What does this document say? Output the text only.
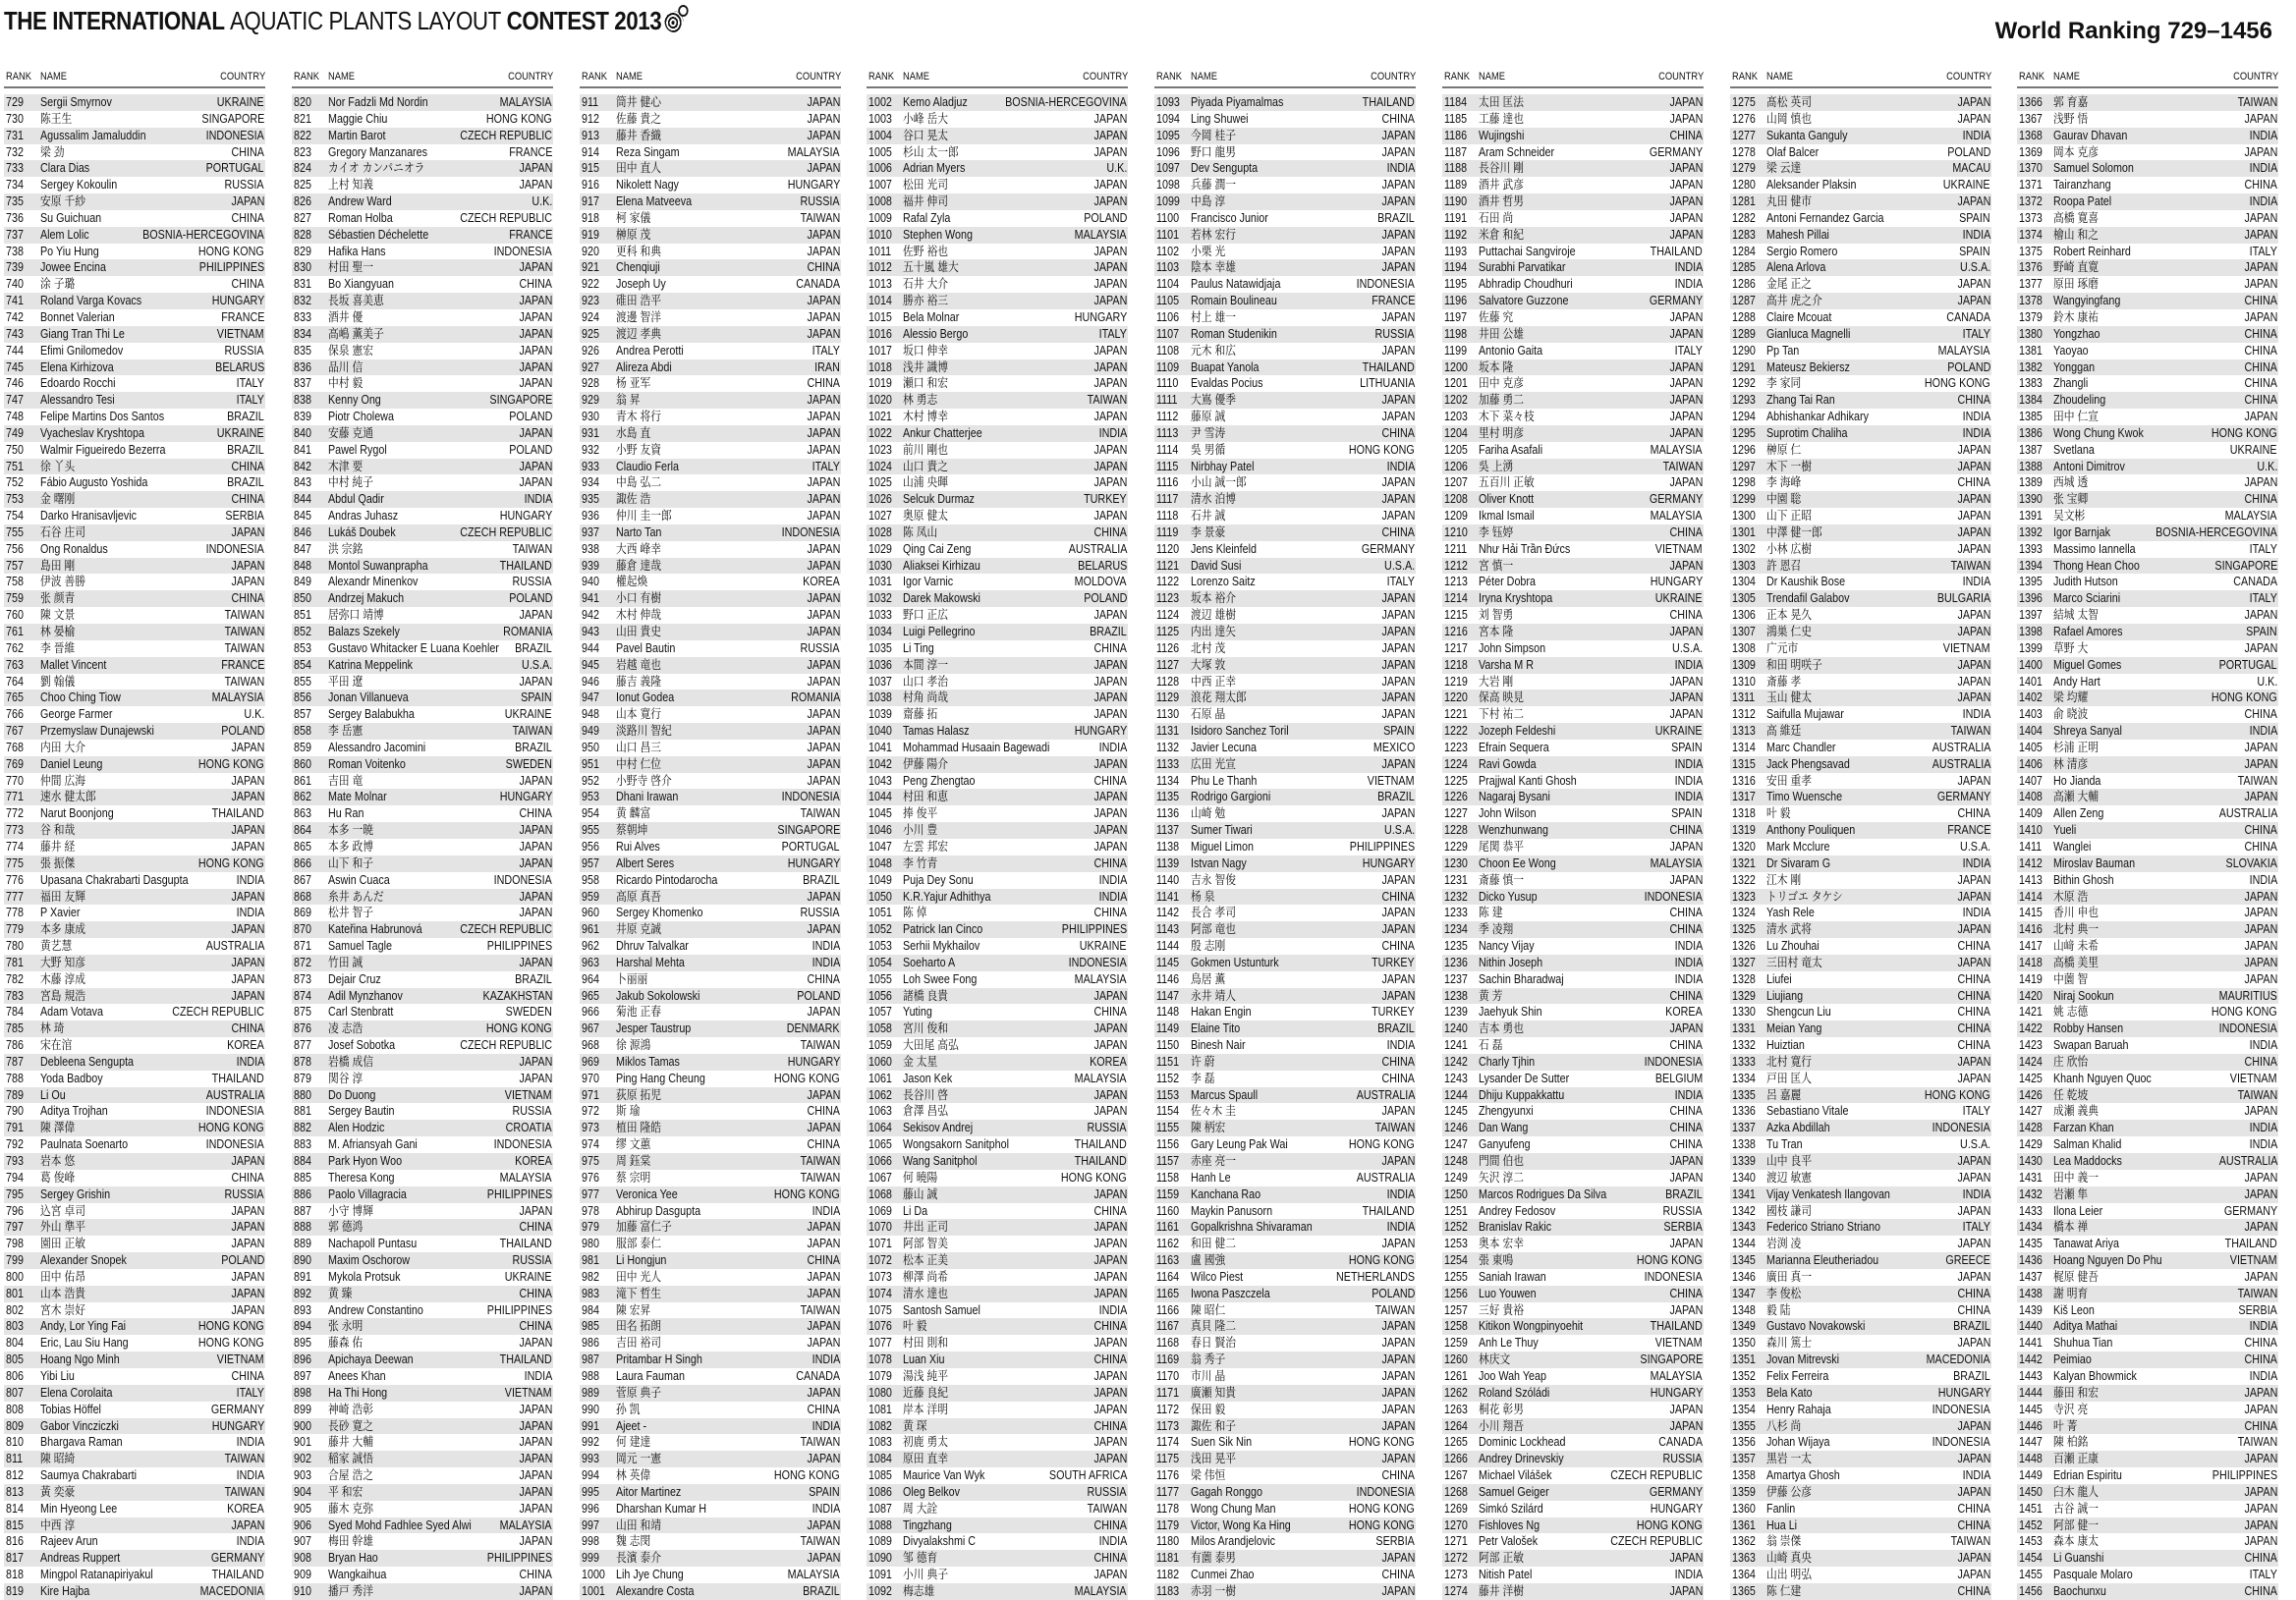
THE INTERNATIONAL AQUATIC PLANTS LAYOUT CONTEST 2013	World Ranking 729–1456
RANK NAME	COUNTRY
729 Sergii Smyrnov	UKRAINE
730 陈王生	SINGAPORE
731 Agussalim Jamaluddin	INDONESIA
732 梁 劲	CHINA
733 Clara Dias	PORTUGAL
734 Sergey Kokoulin	RUSSIA
735 安原 千紗	JAPAN
736 Su Guichuan	CHINA
737 Alem Lolic	BOSNIA-HERCEGOVINA
738 Po Yiu Hung	HONG KONG
739 Jowee Encina	PHILIPPINES
740 涂 子璐	CHINA
741 Roland Varga Kovacs	HUNGARY
742 Bonnet Valerian	FRANCE
743 Giang Tran Thi Le	VIETNAM
744 Efimi Gnilomedov	RUSSIA
745 Elena Kirhizova	BELARUS
746 Edoardo Rocchi	ITALY
747 Alessandro Tesi	ITALY
748 Felipe Martins Dos Santos	BRAZIL
749 Vyacheslav Kryshtopa	UKRAINE
750 Walmir Figueiredo Bezerra	BRAZIL
751 徐 丫头	CHINA
752 Fábio Augusto Yoshida	BRAZIL
753 金 曙刚	CHINA
754 Darko Hranisavljevic	SERBIA
755 石谷 庄司	JAPAN
756 Ong Ronaldus	INDONESIA
757 島田 剛	JAPAN
758 伊波 善勝	JAPAN
759 张 颜青	CHINA
760 陳 文景	TAIWAN
761 林 晏榆	TAIWAN
762 李 晉維	TAIWAN
763 Mallet Vincent	FRANCE
764 劉 翰儀	TAIWAN
765 Choo Ching Tiow	MALAYSIA
766 George Farmer	U.K.
767 Przemyslaw Dunajewski	POLAND
768 内田 大介	JAPAN
769 Daniel Leung	HONG KONG
770 仲間 広海	JAPAN
771 速水 健太郎	JAPAN
772 Narut Boonjong	THAILAND
773 谷 和哉	JAPAN
774 藤井 経	JAPAN
775 張 振傑	HONG KONG
776 Upasana Chakrabarti Dasgupta	INDIA
777 福田 友輝	JAPAN
778 P Xavier	INDIA
779 本多 康成	JAPAN
780 黄艺慧	AUSTRALIA
781 大野 知彦	JAPAN
782 木藤 淳成	JAPAN
783 宮島 規浩	JAPAN
784 Adam Votava	CZECH REPUBLIC
785 林 琦	CHINA
786 宋在涫	KOREA
787 Debleena Sengupta	INDIA
788 Yoda Badboy	THAILAND
789 Li Ou	AUSTRALIA
790 Aditya Trojhan	INDONESIA
791 陳 澤偉	HONG KONG
792 Paulnata Soenarto	INDONESIA
793 岩本 悠	JAPAN
794 葛 俊峰	CHINA
795 Sergey Grishin	RUSSIA
796 込宮 卓司	JAPAN
797 外山 準平	JAPAN
798 園田 正敏	JAPAN
799 Alexander Snopek	POLAND
800 田中 佑昂	JAPAN
801 山本 浩貴	JAPAN
802 宮木 崇好	JAPAN
803 Andy, Lor Ying Fai	HONG KONG
804 Eric, Lau Siu Hang	HONG KONG
805 Hoang Ngo Minh	VIETNAM
806 Yibi Liu	CHINA
807 Elena Corolaita	ITALY
808 Tobias Höffel	GERMANY
809 Gabor Vincziczki	HUNGARY
810 Bhargava Raman	INDIA
811 陳 昭綺	TAIWAN
812 Saumya Chakrabarti	INDIA
813 黃 奕豪	TAIWAN
814 Min Hyeong Lee	KOREA
815 中西 淳	JAPAN
816 Rajeev Arun	INDIA
817 Andreas Ruppert	GERMANY
818 Mingpol Ratanapiriyakul	THAILAND
819 Kire Hajba	MACEDONIA
RANK NAME	COUNTRY
820 Nor Fadzli Md Nordin	MALAYSIA
821 Maggie Chiu	HONG KONG
822 Martin Barot	CZECH REPUBLIC
823 Gregory Manzanares	FRANCE
824 カイオ カンパニオラ	JAPAN
825 上村 知義	JAPAN
826 Andrew Ward	U.K.
827 Roman Holba	CZECH REPUBLIC
828 Sébastien Déchelette	FRANCE
829 Hafika Hans	INDONESIA
830 村田 聖一	JAPAN
831 Bo Xiangyuan	CHINA
832 長坂 喜美恵	JAPAN
833 酒井 優	JAPAN
834 高嶋 薫美子	JAPAN
835 保泉 憲宏	JAPAN
836 品川 信	JAPAN
837 中村 毅	JAPAN
838 Kenny Ong	SINGAPORE
839 Piotr Cholewa	POLAND
840 安藤 克通	JAPAN
841 Pawel Rygol	POLAND
842 木津 要	JAPAN
843 中村 純子	JAPAN
844 Abdul Qadir	INDIA
845 Andras Juhasz	HUNGARY
846 Lukáš Doubek	CZECH REPUBLIC
847 洪 宗銘	TAIWAN
848 Montol Suwanprapha	THAILAND
849 Alexandr Minenkov	RUSSIA
850 Andrzej Makuch	POLAND
851 居弥口 靖博	JAPAN
852 Balazs Szekely	ROMANIA
853 Gustavo Whitacker E Luana Koehler	BRAZIL
854 Katrina Meppelink	U.S.A.
855 平田 遼	JAPAN
856 Jonan Villanueva	SPAIN
857 Sergey Balabukha	UKRAINE
858 李 岳憲	TAIWAN
859 Alessandro Jacomini	BRAZIL
860 Roman Voitenko	SWEDEN
861 吉田 竜	JAPAN
862 Mate Molnar	HUNGARY
863 Hu Ran	CHINA
864 本多 一暁	JAPAN
865 本多 政博	JAPAN
866 山下 和子	JAPAN
867 Aswin Cuaca	INDONESIA
868 糸井 あんだ	JAPAN
869 松井 智子	JAPAN
870 Kateřina Habrunová	CZECH REPUBLIC
871 Samuel Tagle	PHILIPPINES
872 竹田 誠	JAPAN
873 Dejair Cruz	BRAZIL
874 Adil Mynzhanov	KAZAKHSTAN
875 Carl Stenbratt	SWEDEN
876 凌 志浩	HONG KONG
877 Josef Sobotka	CZECH REPUBLIC
878 岩橋 成信	JAPAN
879 関谷 淳	JAPAN
880 Do Duong	VIETNAM
881 Sergey Bautin	RUSSIA
882 Alen Hodzic	CROATIA
883 M. Afriansyah Gani	INDONESIA
884 Park Hyon Woo	KOREA
885 Theresa Kong	MALAYSIA
886 Paolo Villagracia	PHILIPPINES
887 小守 博輝	JAPAN
888 郭 德鸿	CHINA
889 Nachapoll Puntasu	THAILAND
890 Maxim Oschorow	RUSSIA
891 Mykola Protsuk	UKRAINE
892 黄 臻	CHINA
893 Andrew Constantino	PHILIPPINES
894 张 永明	CHINA
895 藤森 佑	JAPAN
896 Apichaya Deewan	THAILAND
897 Anees Khan	INDIA
898 Ha Thi Hong	VIETNAM
899 神崎 浩彰	JAPAN
900 長砂 寛之	JAPAN
901 藤井 大輔	JAPAN
902 稲家 誠悟	JAPAN
903 合屋 浩之	JAPAN
904 平 和宏	JAPAN
905 藤木 克弥	JAPAN
906 Syed Mohd Fadhlee Syed Alwi	MALAYSIA
907 梅田 幹雄	JAPAN
908 Bryan Hao	PHILIPPINES
909 Wangkaihua	CHINA
910 播戸 秀洋	JAPAN
RANK NAME	COUNTRY
911 筒井 健心	JAPAN
912 佐藤 貴之	JAPAN
913 藤井 香織	JAPAN
914 Reza Singam	MALAYSIA
915 田中 直人	JAPAN
916 Nikolett Nagy	HUNGARY
917 Elena Matveeva	RUSSIA
918 柯 家儀	TAIWAN
919 榊原 茂	JAPAN
920 更科 和典	JAPAN
921 Chenqiuji	CHINA
922 Joseph Uy	CANADA
923 碓田 浩平	JAPAN
924 渡邊 智洋	JAPAN
925 渡辺 孝典	JAPAN
926 Andrea Perotti	ITALY
927 Alireza Abdi	IRAN
928 杨 亚军	CHINA
929 翁 昇	JAPAN
930 青木 将行	JAPAN
931 水島 直	JAPAN
932 小野 友資	JAPAN
933 Claudio Ferla	ITALY
934 中島 弘二	JAPAN
935 諏佐 浩	JAPAN
936 仲川 圭一郎	JAPAN
937 Narto Tan	INDONESIA
938 大西 峰幸	JAPAN
939 藤倉 達哉	JAPAN
940 權起煥	KOREA
941 小口 有樹	JAPAN
942 木村 伸哉	JAPAN
943 山田 貴史	JAPAN
944 Pavel Bautin	RUSSIA
945 岩越 竜也	JAPAN
946 藤吉 義隆	JAPAN
947 Ionut Godea	ROMANIA
948 山本 寛行	JAPAN
949 淡路川 智紀	JAPAN
950 山口 昌三	JAPAN
951 中村 仁位	JAPAN
952 小野寺 啓介	JAPAN
953 Dhani Irawan	INDONESIA
954 黄 麟富	TAIWAN
955 蔡朝坤	SINGAPORE
956 Rui Alves	PORTUGAL
957 Albert Seres	HUNGARY
958 Ricardo Pintodarocha	BRAZIL
959 高原 真吾	JAPAN
960 Sergey Khomenko	RUSSIA
961 井原 克誠	JAPAN
962 Dhruv Talvalkar	INDIA
963 Harshal Mehta	INDIA
964 卜丽丽	CHINA
965 Jakub Sokolowski	POLAND
966 菊池 正春	JAPAN
967 Jesper Taustrup	DENMARK
968 徐 源鴻	TAIWAN
969 Miklos Tamas	HUNGARY
970 Ping Hang Cheung	HONG KONG
971 荻原 拓児	JAPAN
972 斯 瑜	CHINA
973 植田 隆皓	JAPAN
974 缪 文蕙	CHINA
975 周 鈺棠	TAIWAN
976 蔡 宗明	TAIWAN
977 Veronica Yee	HONG KONG
978 Abhirup Dasgupta	INDIA
979 加藤 富仁子	JAPAN
980 服部 泰仁	JAPAN
981 Li Hongjun	CHINA
982 田中 光人	JAPAN
983 滝下 哲生	JAPAN
984 陳 宏昇	TAIWAN
985 田名 拓朗	JAPAN
986 吉田 裕司	JAPAN
987 Pritambar H Singh	INDIA
988 Laura Fauman	CANADA
989 菅原 典子	JAPAN
990 孙 凯	CHINA
991 Ajeet -	INDIA
992 何 建達	TAIWAN
993 岡元 一憲	JAPAN
994 林 英偉	HONG KONG
995 Aitor Martinez	SPAIN
996 Dharshan Kumar H	INDIA
997 山田 和靖	JAPAN
998 魏 志閔	TAIWAN
999 長濱 泰介	JAPAN
1000 Lih Jye Chung	MALAYSIA
1001 Alexandre Costa	BRAZIL
RANK NAME	COUNTRY
1002 Kemo Aladjuz	BOSNIA-HERCEGOVINA
1003 小峰 岳大	JAPAN
1004 谷口 晃太	JAPAN
1005 杉山 太一郎	JAPAN
1006 Adrian Myers	U.K.
1007 松田 光司	JAPAN
1008 福井 伸司	JAPAN
1009 Rafal Zyla	POLAND
1010 Stephen Wong	MALAYSIA
1011 佐野 裕也	JAPAN
1012 五十嵐 雄大	JAPAN
1013 石井 大介	JAPAN
1014 勝亦 裕三	JAPAN
1015 Bela Molnar	HUNGARY
1016 Alessio Bergo	ITALY
1017 坂口 伸幸	JAPAN
1018 浅井 識博	JAPAN
1019 瀬口 和宏	JAPAN
1020 林 勇志	TAIWAN
1021 木村 博幸	JAPAN
1022 Ankur Chatterjee	INDIA
1023 前川 剛也	JAPAN
1024 山口 貴之	JAPAN
1025 山浦 央暉	JAPAN
1026 Selcuk Durmaz	TURKEY
1027 奥原 健太	JAPAN
1028 陈 凤山	CHINA
1029 Qing Cai Zeng	AUSTRALIA
1030 Aliaksei Kirhizau	BELARUS
1031 Igor Varnic	MOLDOVA
1032 Darek Makowski	POLAND
1033 野口 正広	JAPAN
1034 Luigi Pellegrino	BRAZIL
1035 Li Ting	CHINA
1036 本間 淳一	JAPAN
1037 山口 孝治	JAPAN
1038 村角 尚哉	JAPAN
1039 齋藤 拓	JAPAN
1040 Tamas Halasz	HUNGARY
1041 Mohammad Husaain Bagewadi	INDIA
1042 伊藤 陽介	JAPAN
1043 Peng Zhengtao	CHINA
1044 村田 和恵	JAPAN
1045 捧 俊平	JAPAN
1046 小川 豊	JAPAN
1047 左雲 邦宏	JAPAN
1048 李 竹青	CHINA
1049 Puja Dey Sonu	INDIA
1050 K.R.Yajur Adhithya	INDIA
1051 陈 倬	CHINA
1052 Patrick Ian Cinco	PHILIPPINES
1053 Serhii Mykhailov	UKRAINE
1054 Soeharto A	INDONESIA
1055 Loh Swee Fong	MALAYSIA
1056 諸橋 良貴	JAPAN
1057 Yuting	CHINA
1058 宮川 俊和	JAPAN
1059 大田尾 高弘	JAPAN
1060 金 太星	KOREA
1061 Jason Kek	MALAYSIA
1062 長谷川 啓	JAPAN
1063 倉澤 昌弘	JAPAN
1064 Sekisov Andrej	RUSSIA
1065 Wongsakorn Sanitphol	THAILAND
1066 Wang Sanitphol	THAILAND
1067 何 曉陽	HONG KONG
1068 藤山 誠	JAPAN
1069 Li Da	CHINA
1070 井出 正司	JAPAN
1071 阿部 智美	JAPAN
1072 松本 正美	JAPAN
1073 柳澤 尚希	JAPAN
1074 清水 達也	JAPAN
1075 Santosh Samuel	INDIA
1076 叶 毅	CHINA
1077 村田 則和	JAPAN
1078 Luan Xiu	CHINA
1079 湯浅 純平	JAPAN
1080 近藤 良紀	JAPAN
1081 岸本 洋明	JAPAN
1082 黄 琛	CHINA
1083 初鹿 勇太	JAPAN
1084 原田 直幸	JAPAN
1085 Maurice Van Wyk	SOUTH AFRICA
1086 Oleg Belkov	RUSSIA
1087 周 大詮	TAIWAN
1088 Tingzhang	CHINA
1089 Divyalakshmi C	INDIA
1090 邹 德育	CHINA
1091 小川 典子	JAPAN
1092 梅志雄	MALAYSIA
RANK NAME	COUNTRY
1093 Piyada Piyamalmas	THAILAND
1094 Ling Shuwei	CHINA
1095 今岡 桂子	JAPAN
1096 野口 龍男	JAPAN
1097 Dev Sengupta	INDIA
1098 兵藤 潤一	JAPAN
1099 中島 淳	JAPAN
1100 Francisco Junior	BRAZIL
1101 若林 宏行	JAPAN
1102 小栗 光	JAPAN
1103 陰本 幸雄	JAPAN
1104 Paulus Natawidjaja	INDONESIA
1105 Romain Boulineau	FRANCE
1106 村上 雄一	JAPAN
1107 Roman Studenikin	RUSSIA
1108 元木 和広	JAPAN
1109 Buapat Yanola	THAILAND
1110 Evaldas Pocius	LITHUANIA
1111 大嶌 優季	JAPAN
1112 藤原 誠	JAPAN
1113 尹 雪涛	CHINA
1114 吳 男循	HONG KONG
1115 Nirbhay Patel	INDIA
1116 小山 誠一郎	JAPAN
1117 清水 泊博	JAPAN
1118 石井 誠	JAPAN
1119 李 景豪	CHINA
1120 Jens Kleinfeld	GERMANY
1121 David Susi	U.S.A.
1122 Lorenzo Saitz	ITALY
1123 坂本 裕介	JAPAN
1124 渡辺 雄樹	JAPAN
1125 内出 達矢	JAPAN
1126 北村 茂	JAPAN
1127 大塚 敦	JAPAN
1128 中西 正幸	JAPAN
1129 浪花 翔太郎	JAPAN
1130 石原 晶	JAPAN
1131 Isidoro Sanchez Toril	SPAIN
1132 Javier Lecuna	MEXICO
1133 広田 光宣	JAPAN
1134 Phu Le Thanh	VIETNAM
1135 Rodrigo Gargioni	BRAZIL
1136 山崎 勉	JAPAN
1137 Sumer Tiwari	U.S.A.
1138 Miguel Limon	PHILIPPINES
1139 Istvan Nagy	HUNGARY
1140 吉永 智俊	JAPAN
1141 杨 泉	CHINA
1142 長合 孝司	JAPAN
1143 阿部 竜也	JAPAN
1144 殷 志刚	CHINA
1145 Gokmen Ustunturk	TURKEY
1146 鳥居 薫	JAPAN
1147 永井 靖人	JAPAN
1148 Hakan Engin	TURKEY
1149 Elaine Tito	BRAZIL
1150 Binesh Nair	INDIA
1151 许 蔚	CHINA
1152 李 磊	CHINA
1153 Marcus Spaull	AUSTRALIA
1154 佐々木 圭	JAPAN
1155 陳 柄宏	TAIWAN
1156 Gary Leung Pak Wai	HONG KONG
1157 赤座 亮一	JAPAN
1158 Hanh Le	AUSTRALIA
1159 Kanchana Rao	INDIA
1160 Maykin Panusorn	THAILAND
1161 Gopalkrishna Shivaraman	INDIA
1162 和田 健二	JAPAN
1163 盧 國強	HONG KONG
1164 Wilco Piest	NETHERLANDS
1165 Iwona Paszczela	POLAND
1166 陳 昭仁	TAIWAN
1167 真貝 隆二	JAPAN
1168 春日 賢治	JAPAN
1169 翁 秀子	JAPAN
1170 市川 晶	JAPAN
1171 廣瀬 知貴	JAPAN
1172 保田 毅	JAPAN
1173 諏佐 和子	JAPAN
1174 Suen Sik Nin	HONG KONG
1175 浅田 晃平	JAPAN
1176 梁 伟恒	CHINA
1177 Gagah Ronggo	INDONESIA
1178 Wong Chung Man	HONG KONG
1179 Victor, Wong Ka Hing	HONG KONG
1180 Milos Arandjelovic	SERBIA
1181 有薗 泰男	JAPAN
1182 Cunmei Zhao	CHINA
1183 赤羽 一樹	JAPAN
RANK NAME	COUNTRY
1184 太田 匡法	JAPAN
1185 工藤 達也	JAPAN
1186 Wujingshi	CHINA
1187 Aram Schneider	GERMANY
1188 長谷川 剛	JAPAN
1189 酒井 武彦	JAPAN
1190 酒井 哲男	JAPAN
1191 石田 尚	JAPAN
1192 米倉 和紀	JAPAN
1193 Puttachai Sangviroje	THAILAND
1194 Surabhi Parvatikar	INDIA
1195 Abhradip Choudhuri	INDIA
1196 Salvatore Guzzone	GERMANY
1197 佐藤 究	JAPAN
1198 井田 公雄	JAPAN
1199 Antonio Gaita	ITALY
1200 坂本 隆	JAPAN
1201 田中 克彦	JAPAN
1202 加藤 勇二	JAPAN
1203 木下 菜々枝	JAPAN
1204 里村 明彦	JAPAN
1205 Fariha Asafali	MALAYSIA
1206 吳 上湧	TAIWAN
1207 五百川 正敏	JAPAN
1208 Oliver Knott	GERMANY
1209 Ikmal Ismail	MALAYSIA
1210 李 钰婷	CHINA
1211 Như Hải Trần Đứcs	VIETNAM
1212 宮 慎一	JAPAN
1213 Péter Dobra	HUNGARY
1214 Iryna Kryshtopa	UKRAINE
1215 刘 智勇	CHINA
1216 宮本 隆	JAPAN
1217 John Simpson	U.S.A.
1218 Varsha M R	INDIA
1219 大岩 剛	JAPAN
1220 保高 映見	JAPAN
1221 下村 祐二	JAPAN
1222 Jozeph Feldeshi	UKRAINE
1223 Efrain Sequera	SPAIN
1224 Ravi Gowda	INDIA
1225 Prajjwal Kanti Ghosh	INDIA
1226 Nagaraj Bysani	INDIA
1227 John Wilson	SPAIN
1228 Wenzhunwang	CHINA
1229 尾関 恭平	JAPAN
1230 Choon Ee Wong	MALAYSIA
1231 斎藤 慎一	JAPAN
1232 Dicko Yusup	INDONESIA
1233 陈 建	CHINA
1234 季 凌翔	CHINA
1235 Nancy Vijay	INDIA
1236 Nithin Joseph	INDIA
1237 Sachin Bharadwaj	INDIA
1238 黄 芳	CHINA
1239 Jaehyuk Shin	KOREA
1240 吉本 勇也	JAPAN
1241 石 磊	CHINA
1242 Charly Tjhin	INDONESIA
1243 Lysander De Sutter	BELGIUM
1244 Dhiju Kuppakkattu	INDIA
1245 Zhengyunxi	CHINA
1246 Dan Wang	CHINA
1247 Ganyufeng	CHINA
1248 門間 伯也	JAPAN
1249 矢沢 淳二	JAPAN
1250 Marcos Rodrigues Da Silva	BRAZIL
1251 Andrey Fedosov	RUSSIA
1252 Branislav Rakic	SERBIA
1253 奥本 宏幸	JAPAN
1254 張 東鳴	HONG KONG
1255 Saniah Irawan	INDONESIA
1256 Luo Youwen	CHINA
1257 三好 貴裕	JAPAN
1258 Kitikon Wongpinyoehit	THAILAND
1259 Anh Le Thuy	VIETNAM
1260 林庆文	SINGAPORE
1261 Joo Wah Yeap	MALAYSIA
1262 Roland Szóládi	HUNGARY
1263 桐花 彰男	JAPAN
1264 小川 翔吾	JAPAN
1265 Dominic Lockhead	CANADA
1266 Andrey Drinevskiy	RUSSIA
1267 Michael Vilášek	CZECH REPUBLIC
1268 Samuel Geiger	GERMANY
1269 Simkó Szilárd	HUNGARY
1270 Fishloves Ng	HONG KONG
1271 Petr Valošek	CZECH REPUBLIC
1272 阿部 正敏	JAPAN
1273 Nitish Patel	INDIA
1274 藤井 洋樹	JAPAN
RANK NAME	COUNTRY
1275 髙松 英司	JAPAN
1276 山岡 慎也	JAPAN
1277 Sukanta Ganguly	INDIA
1278 Olaf Balcer	POLAND
1279 梁 云達	MACAU
1280 Aleksander Plaksin	UKRAINE
1281 丸田 健市	JAPAN
1282 Antoni Fernandez Garcia	SPAIN
1283 Mahesh Pillai	INDIA
1284 Sergio Romero	SPAIN
1285 Alena Arlova	U.S.A.
1286 金尾 正之	JAPAN
1287 高井 虎之介	JAPAN
1288 Claire Mcouat	CANADA
1289 Gianluca Magnelli	ITALY
1290 Pp Tan	MALAYSIA
1291 Mateusz Bekiersz	POLAND
1292 李 家同	HONG KONG
1293 Zhang Tai Ran	CHINA
1294 Abhishankar Adhikary	INDIA
1295 Suprotim Chaliha	INDIA
1296 榊原 仁	JAPAN
1297 木下 一樹	JAPAN
1298 李 海峰	CHINA
1299 中園 聡	JAPAN
1300 山下 正昭	JAPAN
1301 中澤 健一郎	JAPAN
1302 小林 広樹	JAPAN
1303 許 恩召	TAIWAN
1304 Dr Kaushik Bose	INDIA
1305 Trendafil Galabov	BULGARIA
1306 正本 晃久	JAPAN
1307 鴻巣 仁史	JAPAN
1308 广元市	VIETNAM
1309 和田 明咲子	JAPAN
1310 斎藤 孝	JAPAN
1311 玉山 健太	JAPAN
1312 Saifulla Mujawar	INDIA
1313 高 維廷	TAIWAN
1314 Marc Chandler	AUSTRALIA
1315 Jack Phengsavad	AUSTRALIA
1316 安田 重孝	JAPAN
1317 Timo Wuensche	GERMANY
1318 叶 毅	CHINA
1319 Anthony Pouliquen	FRANCE
1320 Mark Mcclure	U.S.A.
1321 Dr Sivaram G	INDIA
1322 江木 剛	JAPAN
1323 トリゴエ タケシ	JAPAN
1324 Yash Rele	INDIA
1325 清水 武将	JAPAN
1326 Lu Zhouhai	CHINA
1327 三田村 竜太	JAPAN
1328 Liufei	CHINA
1329 Liujiang	CHINA
1330 Shengcun Liu	CHINA
1331 Meian Yang	CHINA
1332 Huiztian	CHINA
1333 北村 寛行	JAPAN
1334 戸田 匡人	JAPAN
1335 呂 嘉麗	HONG KONG
1336 Sebastiano Vitale	ITALY
1337 Azka Abdillah	INDONESIA
1338 Tu Tran	U.S.A.
1339 山中 良平	JAPAN
1340 渡辺 敏憲	JAPAN
1341 Vijay Venkatesh Ilangovan	INDIA
1342 國枝 謙司	JAPAN
1343 Federico Striano Striano	ITALY
1344 岩渕 凌	JAPAN
1345 Marianna Eleutheriadou	GREECE
1346 廣田 真一	JAPAN
1347 李 俊松	CHINA
1348 毅 陆	CHINA
1349 Gustavo Novakowski	BRAZIL
1350 森川 篤士	JAPAN
1351 Jovan Mitrevski	MACEDONIA
1352 Felix Ferreira	BRAZIL
1353 Bela Kato	HUNGARY
1354 Henry Rahaja	INDONESIA
1355 八杉 尚	JAPAN
1356 Johan Wijaya	INDONESIA
1357 黒岩 一太	JAPAN
1358 Amartya Ghosh	INDIA
1359 伊藤 公彦	JAPAN
1360 Fanlin	CHINA
1361 Hua Li	CHINA
1362 翁 崇傑	TAIWAN
1363 山崎 真央	JAPAN
1364 山出 明弘	JAPAN
1365 陈 仁建	CHINA
RANK NAME	COUNTRY
1366 郭 育嘉	TAIWAN
1367 浅野 悟	JAPAN
1368 Gaurav Dhavan	INDIA
1369 岡本 克彦	JAPAN
1370 Samuel Solomon	INDIA
1371 Tairanzhang	CHINA
1372 Roopa Patel	INDIA
1373 高橋 寛喜	JAPAN
1374 檜山 和之	JAPAN
1375 Robert Reinhard	ITALY
1376 野崎 直寛	JAPAN
1377 原田 琢磨	JAPAN
1378 Wangyingfang	CHINA
1379 鈴木 康祐	JAPAN
1380 Yongzhao	CHINA
1381 Yaoyao	CHINA
1382 Yonggan	CHINA
1383 Zhangli	CHINA
1384 Zhoudeling	CHINA
1385 田中 仁宣	JAPAN
1386 Wong Chung Kwok	HONG KONG
1387 Svetlana	UKRAINE
1388 Antoni Dimitrov	U.K.
1389 西城 透	JAPAN
1390 张 宝卿	CHINA
1391 吴文彬	MALAYSIA
1392 Igor Barnjak	BOSNIA-HERCEGOVINA
1393 Massimo Iannella	ITALY
1394 Thong Hean Choo	SINGAPORE
1395 Judith Hutson	CANADA
1396 Marco Sciarini	ITALY
1397 結城 太智	JAPAN
1398 Rafael Amores	SPAIN
1399 草野 大	JAPAN
1400 Miguel Gomes	PORTUGAL
1401 Andy Hart	U.K.
1402 梁 均耀	HONG KONG
1403 俞 晓波	CHINA
1404 Shreya Sanyal	INDIA
1405 杉浦 正明	JAPAN
1406 林 清彦	JAPAN
1407 Ho Jianda	TAIWAN
1408 高瀬 大輔	JAPAN
1409 Allen Zeng	AUSTRALIA
1410 Yueli	CHINA
1411 Wanglei	CHINA
1412 Miroslav Bauman	SLOVAKIA
1413 Bithin Ghosh	INDIA
1414 木原 浩	JAPAN
1415 香川 申也	JAPAN
1416 北村 典一	JAPAN
1417 山﨑 未希	JAPAN
1418 高橋 美里	JAPAN
1419 中薗 智	JAPAN
1420 Niraj Sookun	MAURITIUS
1421 姚 志德	HONG KONG
1422 Robby Hansen	INDONESIA
1423 Swapan Baruah	INDIA
1424 庄 欣怡	CHINA
1425 Khanh Nguyen Quoc	VIETNAM
1426 任 乾坡	TAIWAN
1427 成瀬 義典	JAPAN
1428 Farzan Khan	INDIA
1429 Salman Khalid	INDIA
1430 Lea Maddocks	AUSTRALIA
1431 田中 義一	JAPAN
1432 岩瀬 隼	JAPAN
1433 Ilona Leier	GERMANY
1434 橋本 禅	JAPAN
1435 Tanawat Ariya	THAILAND
1436 Hoang Nguyen Do Phu	VIETNAM
1437 梶原 健吾	JAPAN
1438 謝 明育	TAIWAN
1439 Kiš Leon	SERBIA
1440 Aditya Mathai	INDIA
1441 Shuhua Tian	CHINA
1442 Peimiao	CHINA
1443 Kalyan Bhowmick	INDIA
1444 藤田 和宏	JAPAN
1445 寺沢 亮	JAPAN
1446 叶 菁	CHINA
1447 陳 柏銘	TAIWAN
1448 百瀬 正康	JAPAN
1449 Edrian Espiritu	PHILIPPINES
1450 臼木 龍人	JAPAN
1451 古谷 誠一	JAPAN
1452 阿部 健一	JAPAN
1453 森本 康太	JAPAN
1454 Li Guanshi	CHINA
1455 Pasquale Molaro	ITALY
1456 Baochunxu	CHINA
